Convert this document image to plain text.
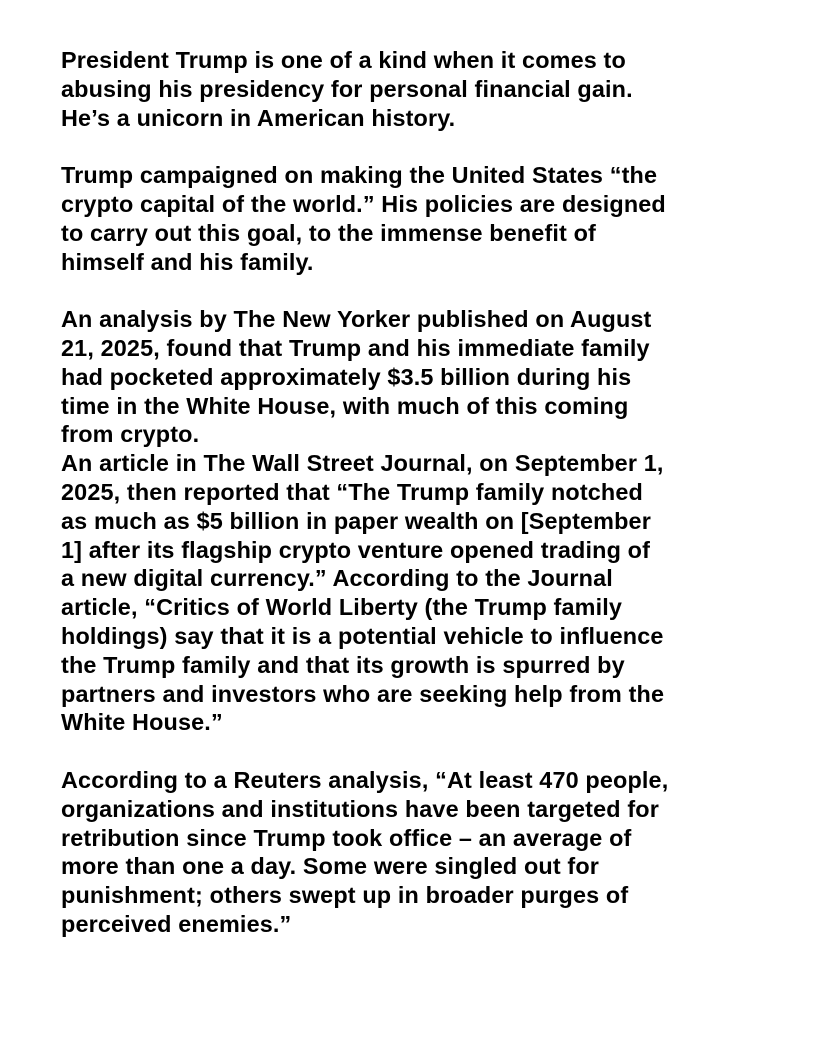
President Trump is one of a kind when it comes to
abusing his presidency for personal financial gain.
He’s a unicorn in American history.

Trump campaigned on making the United States “the
crypto capital of the world.” His policies are designed
to carry out this goal, to the immense benefit of
himself and his family.

An analysis by The New Yorker published on August
21, 2025, found that Trump and his immediate family
had pocketed approximately $3.5 billion during his
time in the White House, with much of this coming
from crypto.

An article in The Wall Street Journal, on September 1,
2025, then reported that “The Trump family notched
as much as $5 billion in paper wealth on [September
1] after its flagship crypto venture opened trading of
a new digital currency.” According to the Journal
article, “Critics of World Liberty (the Trump family
holdings) say that it is a potential vehicle to influence
the Trump family and that its growth is spurred by
partners and investors who are seeking help from the
White House.”

According to a Reuters analysis, “At least 470 people,
organizations and institutions have been targeted for
retribution since Trump took office – an average of
more than one a day. Some were singled out for
punishment; others swept up in broader purges of
perceived enemies.”
